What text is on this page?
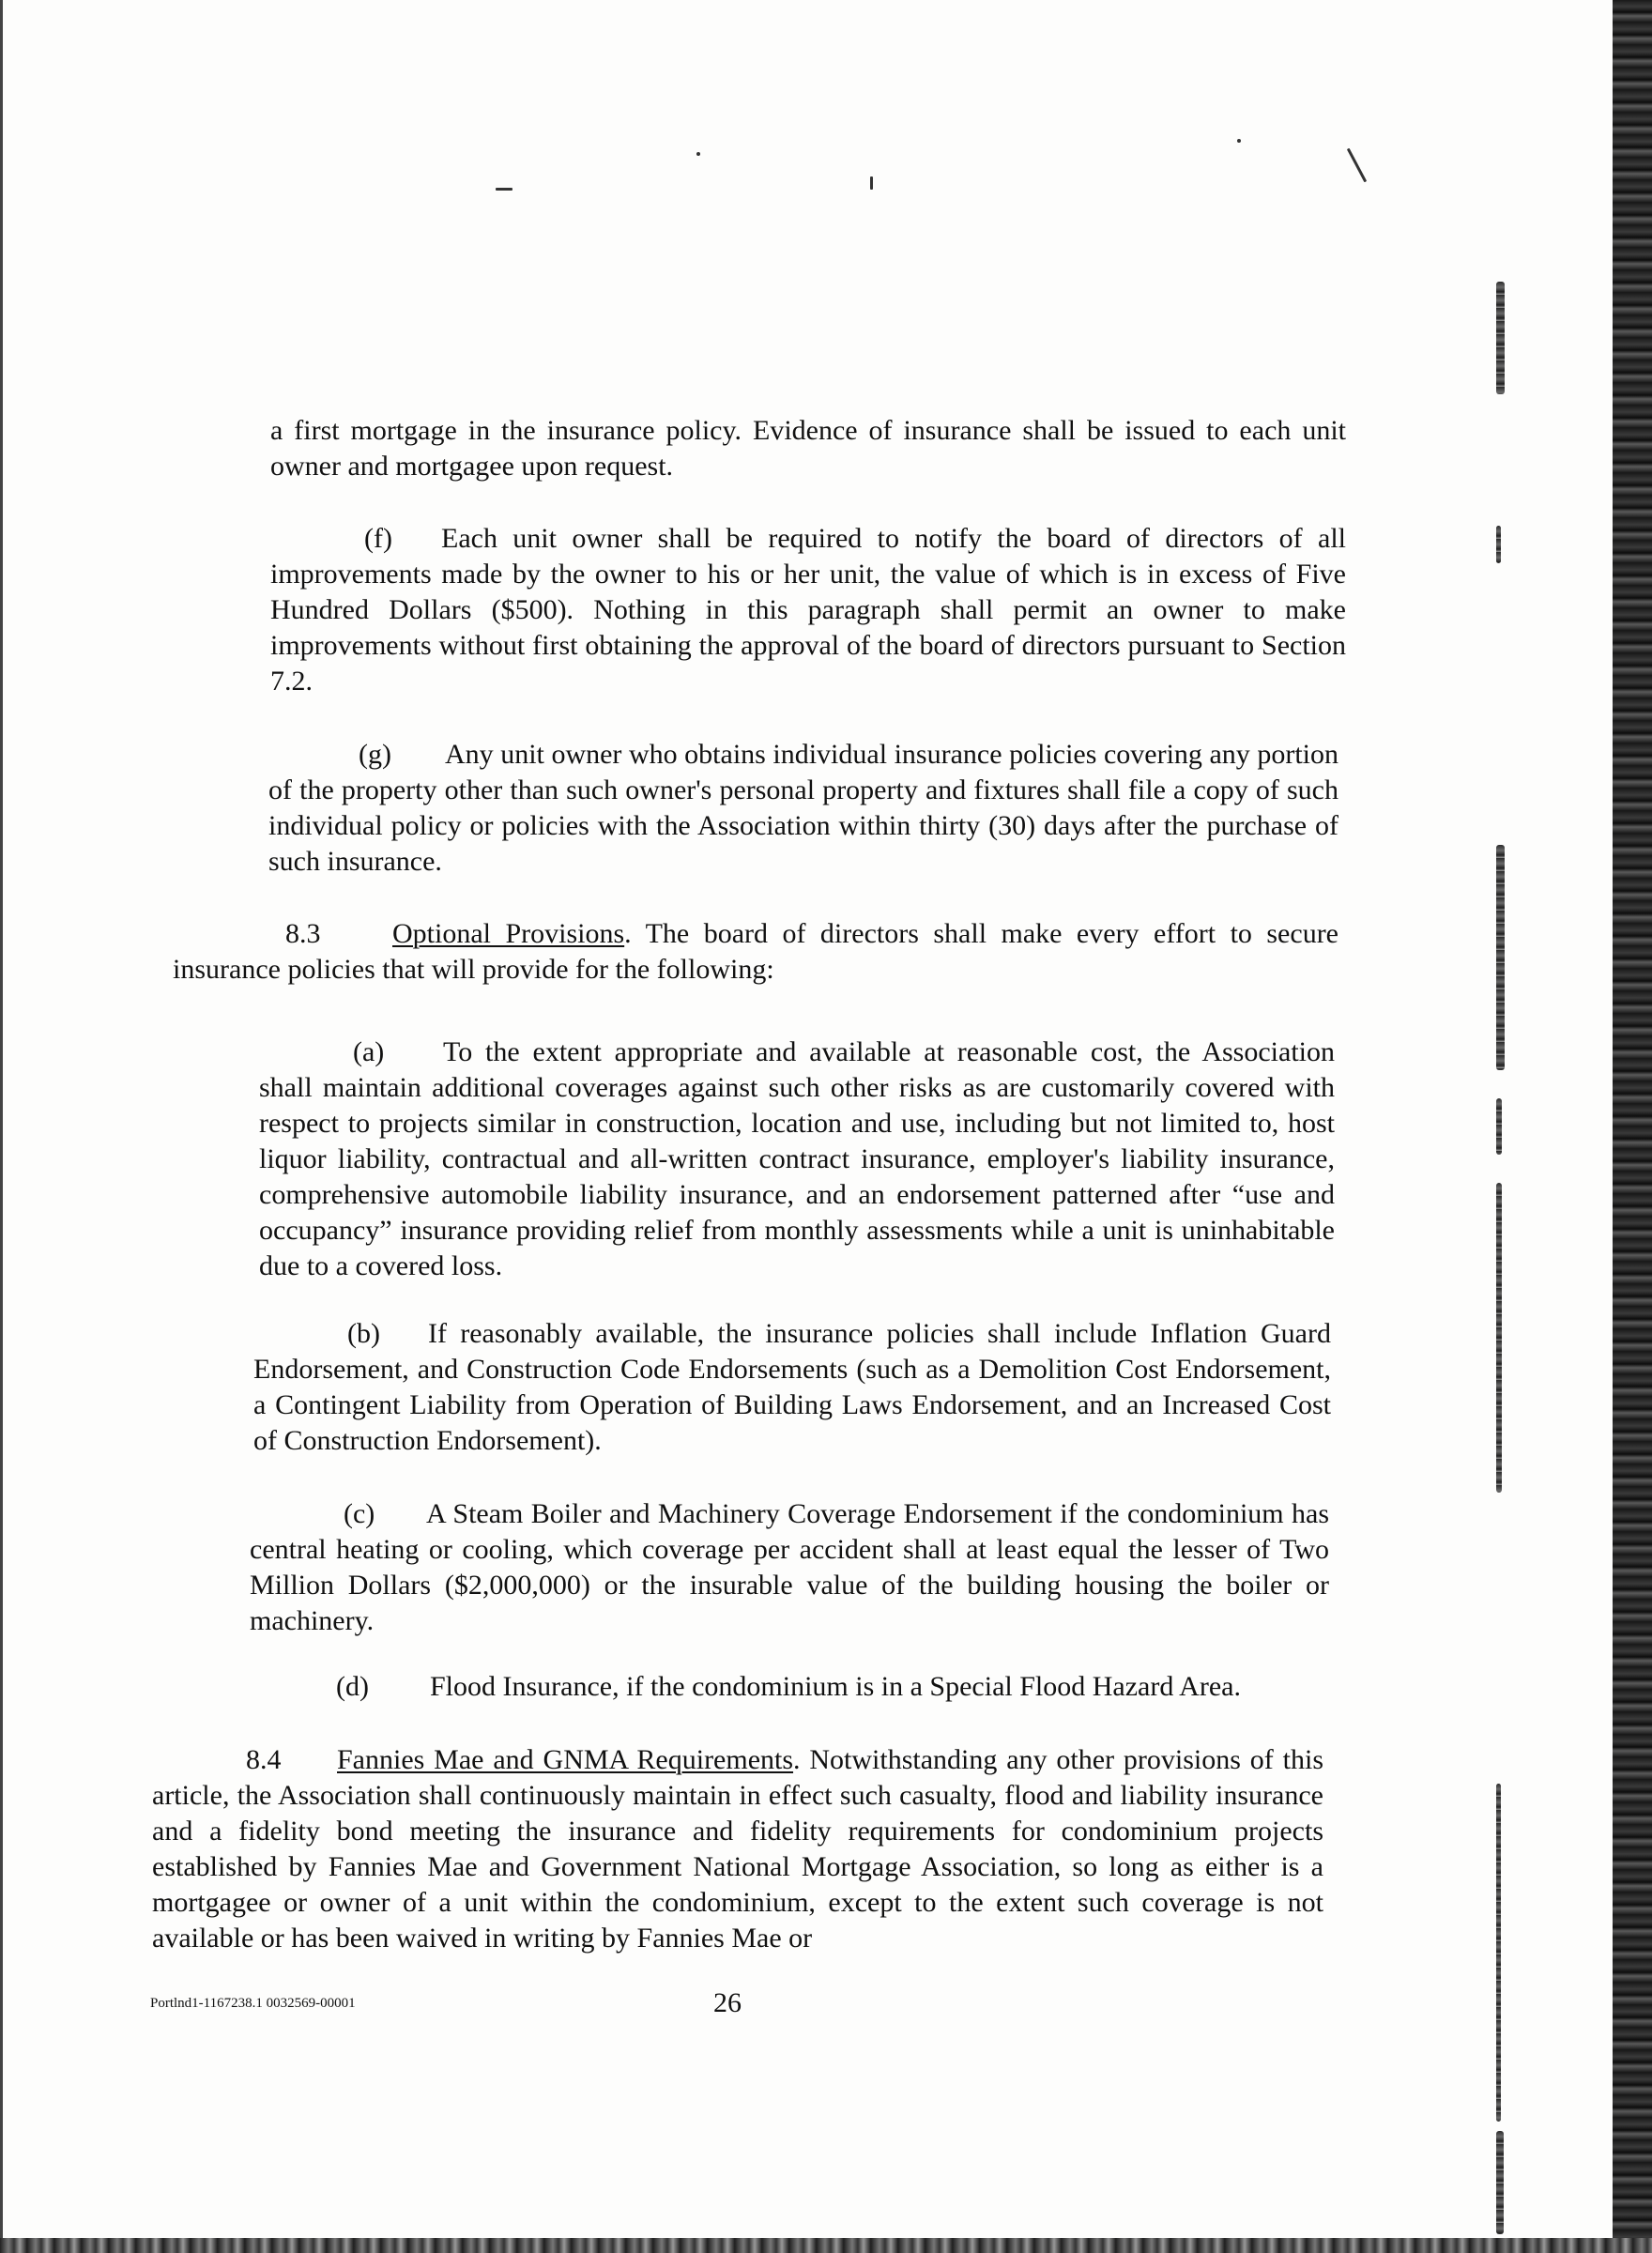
a first mortgage in the insurance policy. Evidence of insurance shall be issued to each unit owner and mortgagee upon request.

(f) Each unit owner shall be required to notify the board of directors of all improvements made by the owner to his or her unit, the value of which is in excess of Five Hundred Dollars ($500). Nothing in this paragraph shall permit an owner to make improvements without first obtaining the approval of the board of directors pursuant to Section 7.2.

(g) Any unit owner who obtains individual insurance policies covering any portion of the property other than such owner's personal property and fixtures shall file a copy of such individual policy or policies with the Association within thirty (30) days after the purchase of such insurance.

8.3	Optional Provisions. The board of directors shall make every effort to secure insurance policies that will provide for the following:

(a) To the extent appropriate and available at reasonable cost, the Association shall maintain additional coverages against such other risks as are customarily covered with respect to projects similar in construction, location and use, including but not limited to, host liquor liability, contractual and all-written contract insurance, employer's liability insurance, comprehensive automobile liability insurance, and an endorsement patterned after “use and occupancy” insurance providing relief from monthly assessments while a unit is uninhabitable due to a covered loss.

(b) If reasonably available, the insurance policies shall include Inflation Guard Endorsement, and Construction Code Endorsements (such as a Demolition Cost Endorsement, a Contingent Liability from Operation of Building Laws Endorsement, and an Increased Cost of Construction Endorsement).

(c) A Steam Boiler and Machinery Coverage Endorsement if the condominium has central heating or cooling, which coverage per accident shall at least equal the lesser of Two Million Dollars ($2,000,000) or the insurable value of the building housing the boiler or machinery.

(d) Flood Insurance, if the condominium is in a Special Flood Hazard Area.

8.4 Fannies Mae and GNMA Requirements. Notwithstanding any other provisions of this article, the Association shall continuously maintain in effect such casualty, flood and liability insurance and a fidelity bond meeting the insurance and fidelity requirements for condominium projects established by Fannies Mae and Government National Mortgage Association, so long as either is a mortgagee or owner of a unit within the condominium, except to the extent such coverage is not available or has been waived in writing by Fannies Mae or

Portlnd1-1167238.1 0032569-00001	26
